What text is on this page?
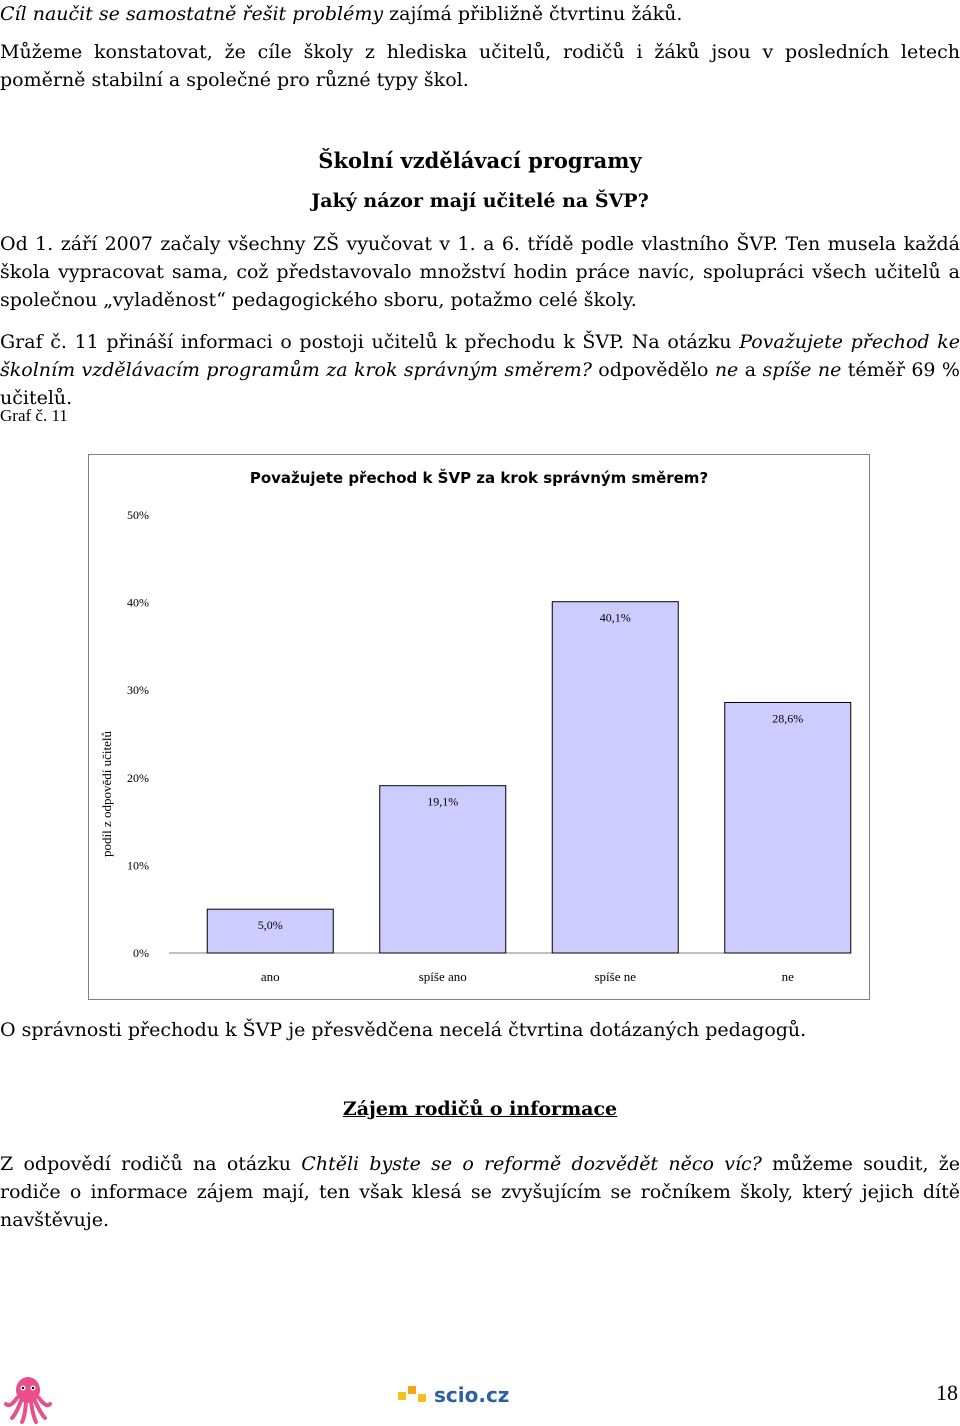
Cíl naučit se samostatně řešit problémy zajímá přibližně čtvrtinu žáků.

Můžeme konstatovat, že cíle školy z hlediska učitelů, rodičů i žáků jsou v posledních letech poměrně stabilní a společné pro různé typy škol.

Školní vzdělávací programy
Jaký názor mají učitelé na ŠVP?

Od 1. září 2007 začaly všechny ZŠ vyučovat v 1. a 6. třídě podle vlastního ŠVP. Ten musela každá škola vypracovat sama, což představovalo množství hodin práce navíc, spolupráci všech učitelů a společnou „vyladěnost“ pedagogického sboru, potažmo celé školy.

Graf č. 11 přináší informaci o postoji učitelů k přechodu k ŠVP. Na otázku Považujete přechod ke školním vzdělávacím programům za krok správným směrem? odpovědělo ne a spíše ne téměř 69 % učitelů.

Graf č. 11
Považujete přechod k ŠVP za krok správným směrem?
podíl z odpovědí učitelů
0%
10%
20%
30%
40%
50%
5,0%
ano
19,1%
spíše ano
40,1%
spíše ne
28,6%
ne

O správnosti přechodu k ŠVP je přesvědčena necelá čtvrtina dotázaných pedagogů.

Zájem rodičů o informace

Z odpovědí rodičů na otázku Chtěli byste se o reformě dozvědět něco víc? můžeme soudit, že rodiče o informace zájem mají, ten však klesá se zvyšujícím se ročníkem školy, který jejich dítě navštěvuje.

scio.cz	18
